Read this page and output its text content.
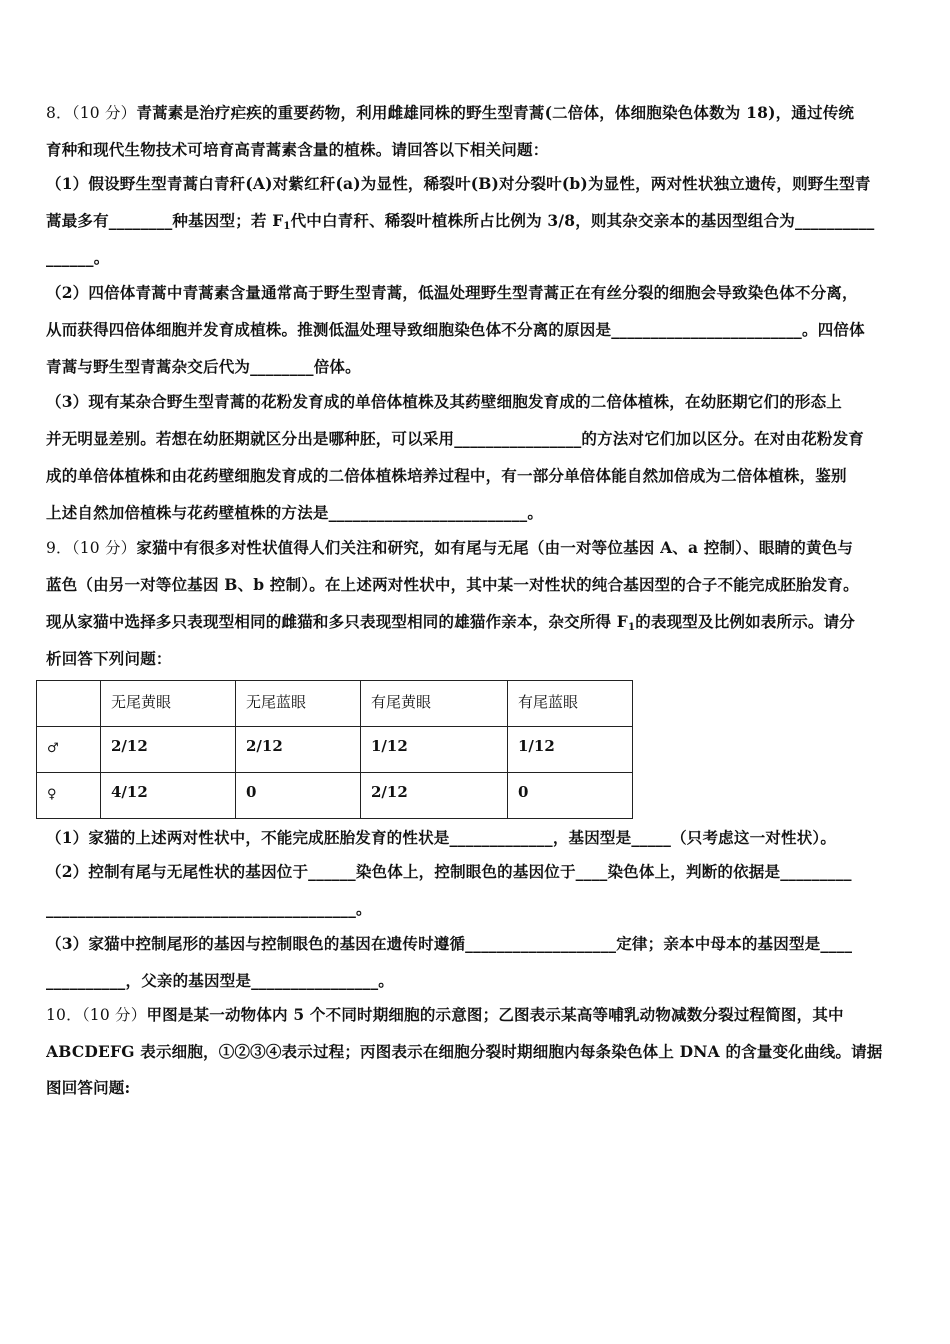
8．（10 分）青蒿素是治疗疟疾的重要药物，利用雌雄同株的野生型青蒿(二倍体，体细胞染色体数为 18)，通过传统
育种和现代生物技术可培育高青蒿素含量的植株。请回答以下相关问题：
（1）假设野生型青蒿白青秆(A)对紫红秆(a)为显性，稀裂叶(B)对分裂叶(b)为显性，两对性状独立遗传，则野生型青
蒿最多有________种基因型；若 $F_1$代中白青秆、稀裂叶植株所占比例为 3/8，则其杂交亲本的基因型组合为__________
______。
（2）四倍体青蒿中青蒿素含量通常高于野生型青蒿，低温处理野生型青蒿正在有丝分裂的细胞会导致染色体不分离，
从而获得四倍体细胞并发育成植株。推测低温处理导致细胞染色体不分离的原因是________________________。四倍体
青蒿与野生型青蒿杂交后代为________倍体。
（3）现有某杂合野生型青蒿的花粉发育成的单倍体植株及其药壁细胞发育成的二倍体植株，在幼胚期它们的形态上
并无明显差别。若想在幼胚期就区分出是哪种胚，可以采用________________的方法对它们加以区分。在对由花粉发育
成的单倍体植株和由花药壁细胞发育成的二倍体植株培养过程中，有一部分单倍体能自然加倍成为二倍体植株，鉴别
上述自然加倍植株与花药壁植株的方法是_________________________。
9．（10 分）家猫中有很多对性状值得人们关注和研究，如有尾与无尾（由一对等位基因 A、a 控制）、眼睛的黄色与
蓝色（由另一对等位基因 B、b 控制）。在上述两对性状中，其中某一对性状的纯合基因型的合子不能完成胚胎发育。
现从家猫中选择多只表现型相同的雌猫和多只表现型相同的雄猫作亲本，杂交所得 $F_1$的表现型及比例如表所示。请分
析回答下列问题：
	无尾黄眼	无尾蓝眼	有尾黄眼	有尾蓝眼
♂	2/12	2/12	1/12	1/12
♀	4/12	0	2/12	0
（1）家猫的上述两对性状中，不能完成胚胎发育的性状是_____________，基因型是_____（只考虑这一对性状）。
（2）控制有尾与无尾性状的基因位于______染色体上，控制眼色的基因位于____染色体上，判断的依据是_________
_______________________________________。
（3）家猫中控制尾形的基因与控制眼色的基因在遗传时遵循___________________定律；亲本中母本的基因型是____
__________，父亲的基因型是________________。
10．（10 分）甲图是某一动物体内 5 个不同时期细胞的示意图；乙图表示某高等哺乳动物减数分裂过程简图，其中
ABCDEFG 表示细胞，①②③④表示过程；丙图表示在细胞分裂时期细胞内每条染色体上 DNA 的含量变化曲线。请据
图回答问题:
